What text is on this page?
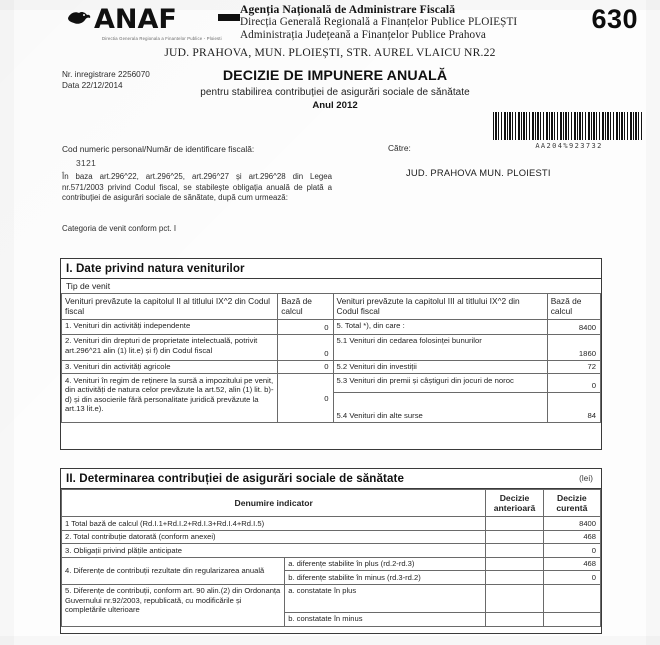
ANAF
Directia Generala Regionala a Finantelor Publice - Ploiesti
Agenția Națională de Administrare Fiscală
Direcția Generală Regională a Finanțelor Publice PLOIEȘTI
Administrația Județeană a Finanțelor Publice Prahova
630
JUD. PRAHOVA, MUN. PLOIEȘTI, STR. AUREL VLAICU NR.22
Nr. inregistrare 2256070
Data 22/12/2014
DECIZIE DE IMPUNERE ANUALĂ
pentru stabilirea contribuției de asigurări sociale de sănătate
Anul 2012
AA204%923732
Cod numeric personal/Număr de identificare fiscală:
3121
Către:
JUD. PRAHOVA MUN. PLOIESTI
În baza art.296^22, art.296^25, art.296^27 și art.296^28 din Legea nr.571/2003 privind Codul fiscal, se stabilește obligația anuală de plată a contribuției de asigurări sociale de sănătate, după cum urmează:
Categoria de venit conform pct. I
I. Date privind natura veniturilor
Tip de venit
Venituri prevăzute la capitolul II al titlului IX^2 din Codul fiscal	Bază de calcul	Venituri prevăzute la capitolul III al titlului IX^2 din Codul fiscal	Bază de calcul
1. Venituri din activități independente	0	5. Total *), din care :	8400
2. Venituri din drepturi de proprietate intelectuală, potrivit art.296^21 alin (1) lit.e) și f) din Codul fiscal	0	5.1 Venituri din cedarea folosinței bunurilor	1860
3. Venituri din activități agricole	0	5.2 Venituri din investiții	72
4. Venituri în regim de reținere la sursă a impozitului pe venit, din activități de natura celor prevăzute la art.52, alin (1) lit. b)-d) și din asocierile fără personalitate juridică prevăzute la art.13 lit.e).	0	5.3 Venituri din premii și câștiguri din jocuri de noroc	0
		5.4 Venituri din alte surse	84
II. Determinarea contribuției de asigurări sociale de sănătate	(lei)
Denumire indicator		Decizie anterioară	Decizie curentă
1 Total bază de calcul (Rd.I.1+Rd.I.2+Rd.I.3+Rd.I.4+Rd.I.5)			8400
2. Total contribuție datorată (conform anexei)			468
3. Obligații privind plățile anticipate			0
4. Diferențe de contribuții rezultate din regularizarea anuală	a. diferențe stabilite în plus (rd.2-rd.3)		468
	b. diferențe stabilite în minus (rd.3-rd.2)		0
5. Diferențe de contribuții, conform art. 90 alin.(2) din Ordonanța Guvernului nr.92/2003, republicată, cu modificările și completările ulterioare	a. constatate în plus		
	b. constatate în minus		
